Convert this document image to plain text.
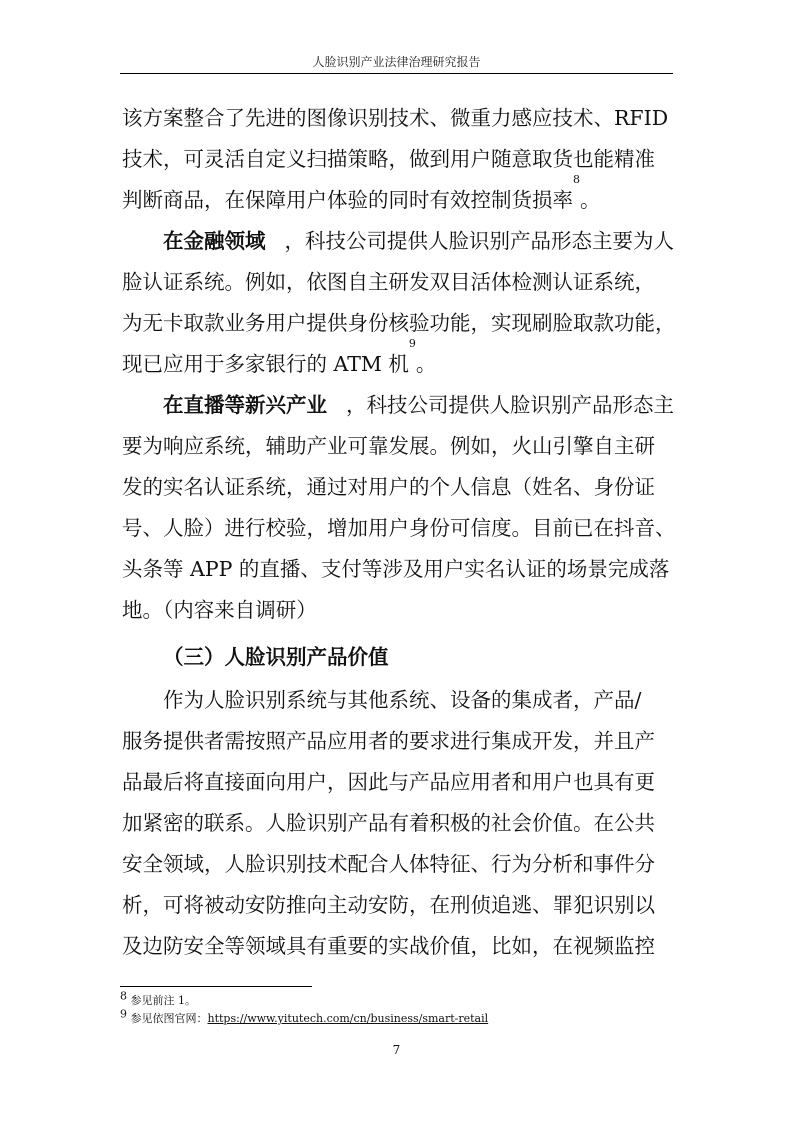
人脸识别产业法律治理研究报告
该方案整合了先进的图像识别技术、微重力感应技术、RFID
技术，可灵活自定义扫描策略，做到用户随意取货也能精准
判断商品，在保障用户体验的同时有效控制货损率
8
。
在金融领域 ，科技公司提供人脸识别产品形态主要为人
脸认证系统。例如，依图自主研发双目活体检测认证系统，
为无卡取款业务用户提供身份核验功能，实现刷脸取款功能，
现已应用于多家银行的 ATM 机
9
。
在直播等新兴产业 ，科技公司提供人脸识别产品形态主
要为响应系统，辅助产业可靠发展。例如，火山引擎自主研
发的实名认证系统，通过对用户的个人信息（姓名、身份证
号、人脸）进行校验，增加用户身份可信度。目前已在抖音、
头条等 APP 的直播、支付等涉及用户实名认证的场景完成落
地。（内容来自调研）
（三）人脸识别产品价值
作为人脸识别系统与其他系统、设备的集成者，产品/
服务提供者需按照产品应用者的要求进行集成开发，并且产
品最后将直接面向用户，因此与产品应用者和用户也具有更
加紧密的联系。人脸识别产品有着积极的社会价值。在公共
安全领域，人脸识别技术配合人体特征、行为分析和事件分
析，可将被动安防推向主动安防，在刑侦追逃、罪犯识别以
及边防安全等领域具有重要的实战价值，比如，在视频监控
$^8$ 参见前注 1。
$^9$ 参见依图官网：https://www.yitutech.com/cn/business/smart-retail
7
